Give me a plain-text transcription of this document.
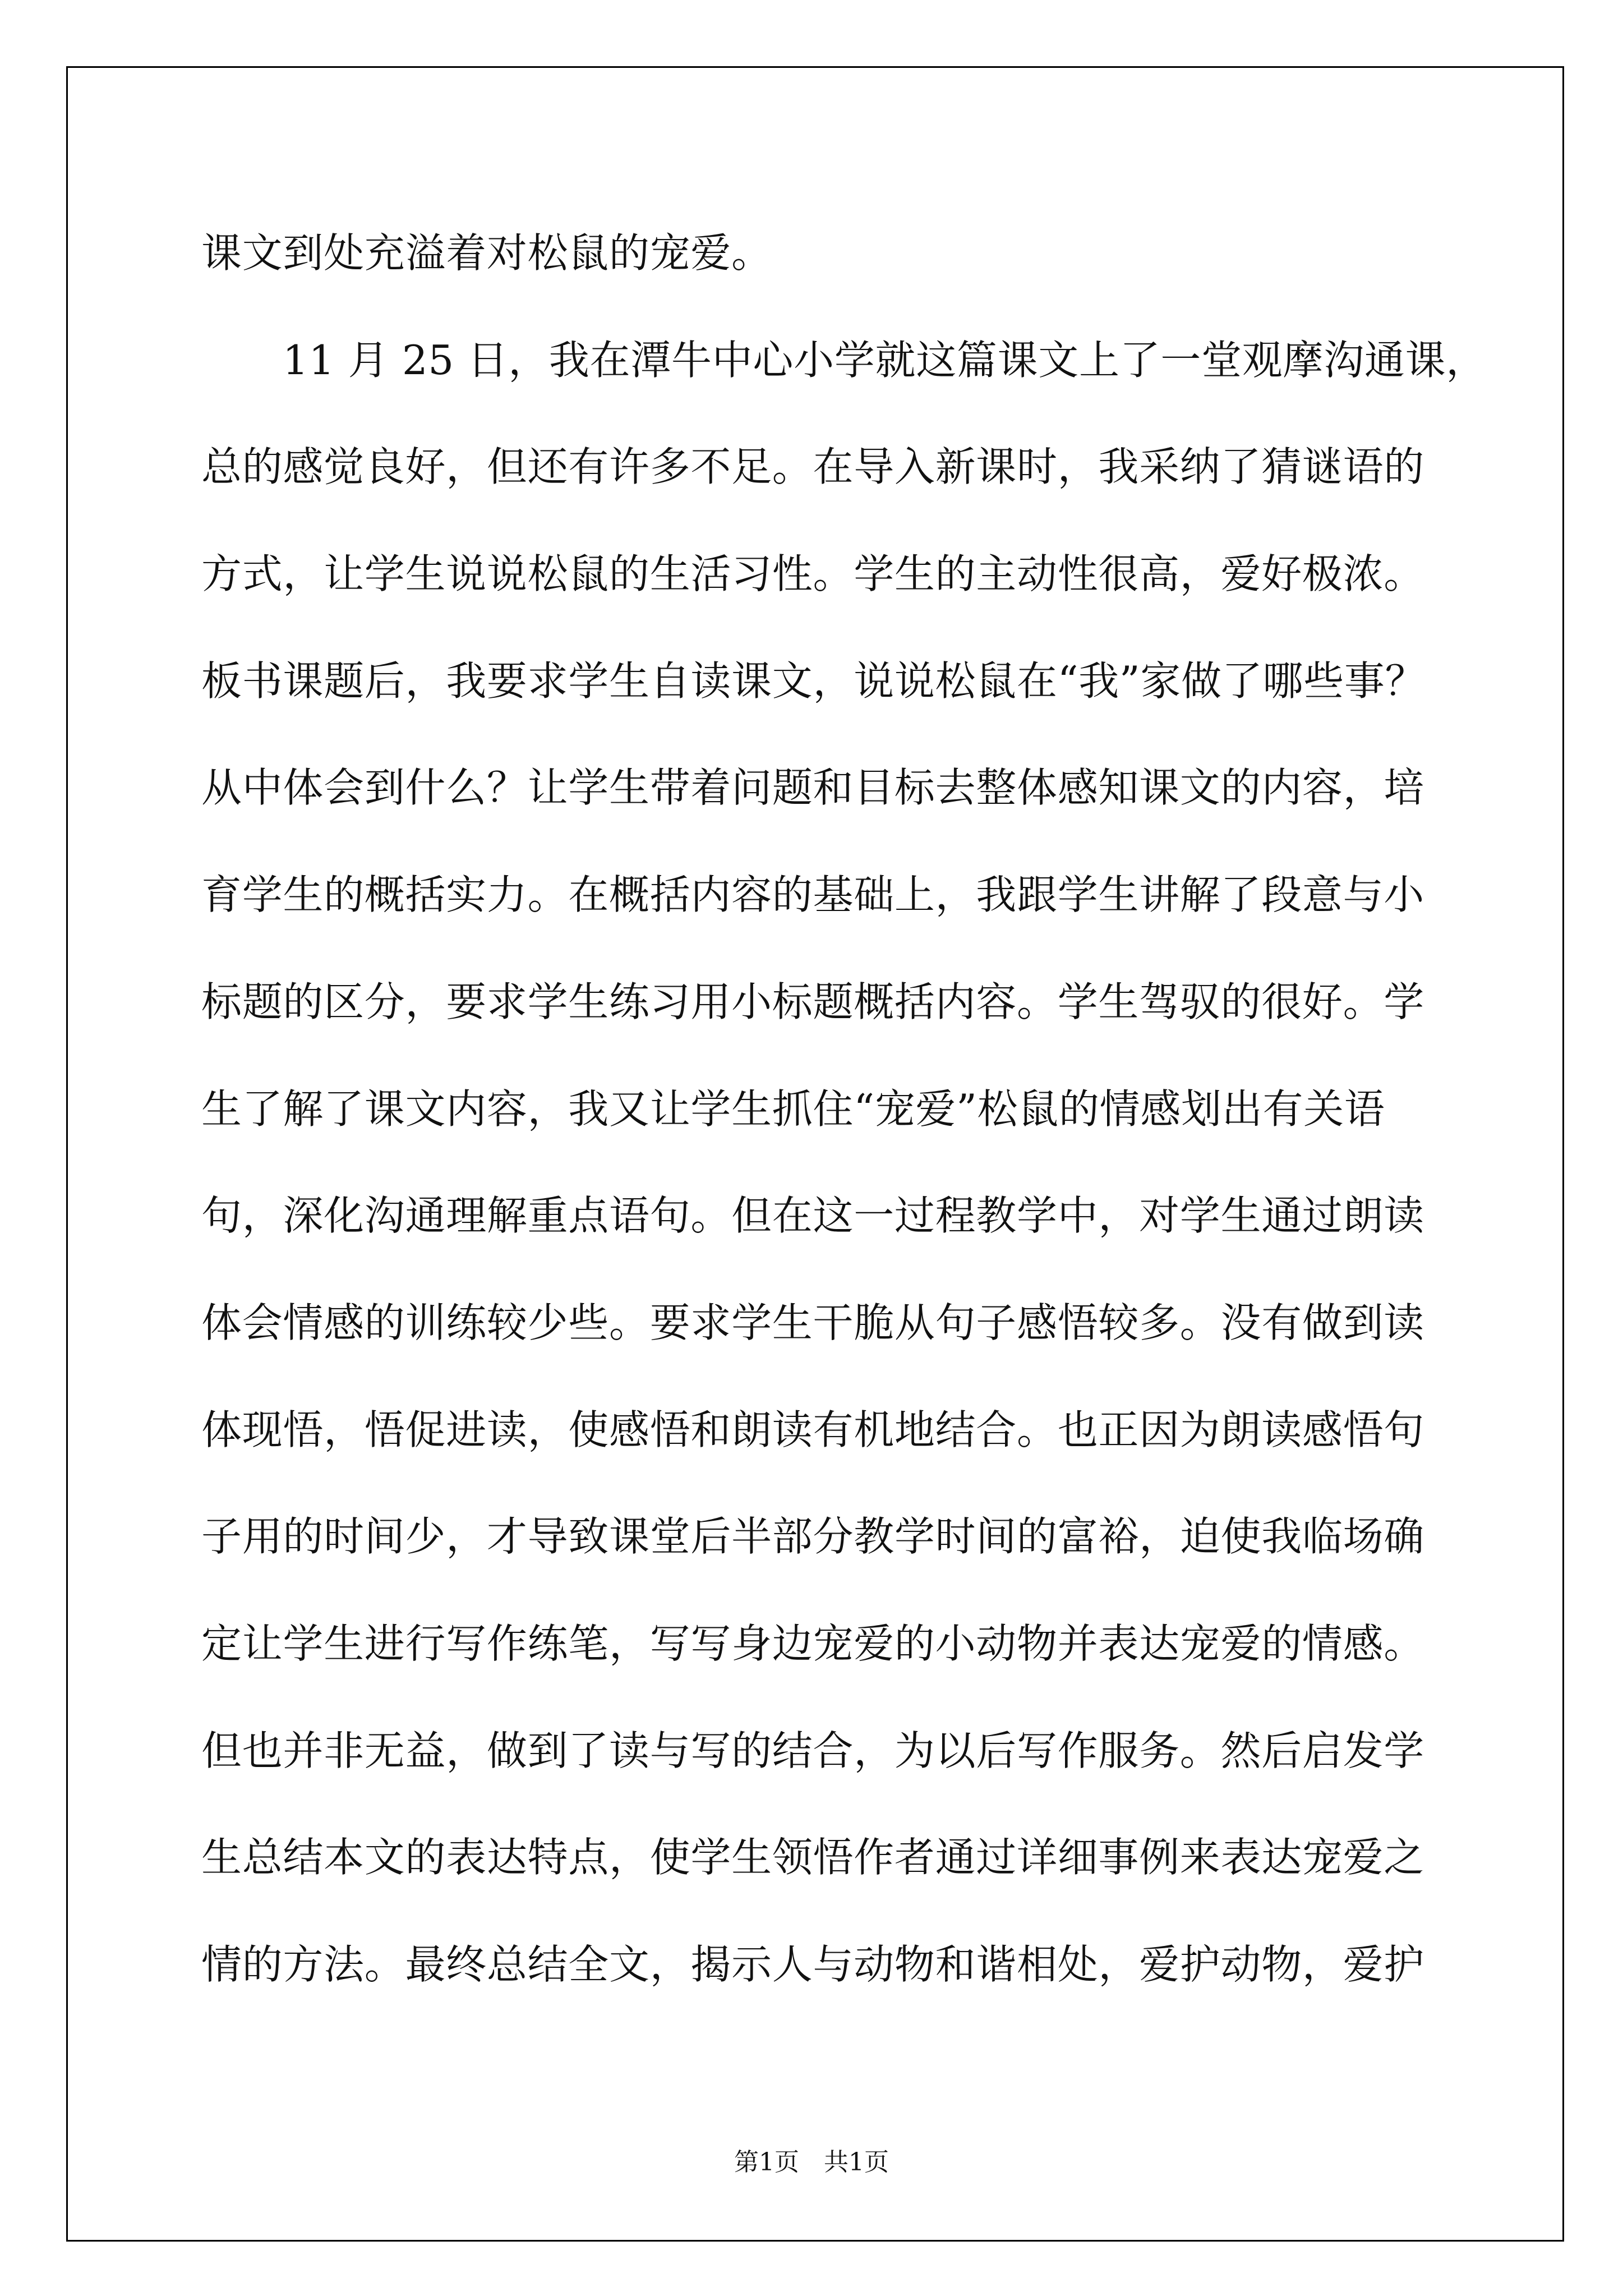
课文到处充溢着对松鼠的宠爱。
11 月 25 日，我在潭牛中心小学就这篇课文上了一堂观摩沟通课，
总的感觉良好，但还有许多不足。在导入新课时，我采纳了猜谜语的
方式，让学生说说松鼠的生活习性。学生的主动性很高，爱好极浓。
板书课题后，我要求学生自读课文，说说松鼠在“我”家做了哪些事？
从中体会到什么？让学生带着问题和目标去整体感知课文的内容，培
育学生的概括实力。在概括内容的基础上，我跟学生讲解了段意与小
标题的区分，要求学生练习用小标题概括内容。学生驾驭的很好。学
生了解了课文内容，我又让学生抓住“宠爱”松鼠的情感划出有关语
句，深化沟通理解重点语句。但在这一过程教学中，对学生通过朗读
体会情感的训练较少些。要求学生干脆从句子感悟较多。没有做到读
体现悟，悟促进读，使感悟和朗读有机地结合。也正因为朗读感悟句
子用的时间少，才导致课堂后半部分教学时间的富裕，迫使我临场确
定让学生进行写作练笔，写写身边宠爱的小动物并表达宠爱的情感。
但也并非无益，做到了读与写的结合，为以后写作服务。然后启发学
生总结本文的表达特点，使学生领悟作者通过详细事例来表达宠爱之
情的方法。最终总结全文，揭示人与动物和谐相处，爱护动物，爱护
第1页　共1页
